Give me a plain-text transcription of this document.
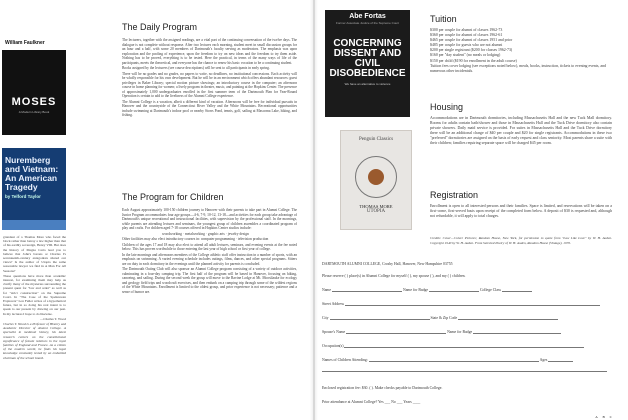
William Faulkner
MOSES
A Modern Library Book
Nuremberg and Vietnam: An American Tragedy
by Telford Taylor

grandeur of a Thomas More who faced the block rather than betray a law higher than that of his earthly sovereign, Henry VIII. But does the history of Magna Carta lead you to believe that John's barons or Charles I's seventeenth-century antagonists shared our views? Is the author of Utopia the same reasonable lawyer we find in A Man For All Seasons?

These questions have more than academic interest, for examining them may help us clarify many of the mysteries surrounding the present quest for "law and order" as well as for "strict construction" on the Supreme Court. In "The Case of the Speluncean Explorers" Lon Fuller writes of a hypothetical future, but in so doing his real intent is to speak to our present by drawing on our past. In my lectures I hope to do likewise.

—Charles T. Wood

Charles T. Wood is a Professor of History and Academic Director of Alumni College. A specialist in medieval history, his latest research centers on the constitutional significance of female relatives in the royal families of England and France. As a citizen of the modern world, he finds his legal knowledge constantly tested by an embattled chairman of the school board.

The Daily Program

The lecturers, together with the assigned readings, are a vital part of the continuing conversation of the twelve days. The dialogue is not complete without response. After two lectures each morning, student meet in small discussion groups for an hour and a half, with some 20 members of Dartmouth's faculty serving as moderators. The emphasis was upon exploration and the pooling of experience, upon the freedom to try on new ideas and the freedom to try them aside. Nothing has to be proved, everything is to be tested. Here the practical, in terms of the many ways of life of the participants, meets the theoretical, and everyone has the chance to renew his basic vocation to be a continuing student.

Books assigned by the lecturers (see course descriptions) will be sent to all participants in early spring.

There will be no grades and no grades, no papers to write, no deadlines, no institutional concessions. Each activity will be wholly responsible for his own development. But he will be in an environment which offers abundant resources: guest privileges in Baker Library; special motion picture showings; an introductory course in the computer; an afternoon course in home planning for women; a lively program in theater, music, and painting at the Hopkins Center. The presence of approximately 1,000 undergraduates enrolled in the first summer term of the Dartmouth Plan for Year-Round Operation is certain to add to the liveliness of the Alumni College experience.

The Alumni College is a vacation, albeit a different kind of vacation. Afternoons will be free for individual pursuits in Hanover and the countryside of the Connecticut River Valley and the White Mountains. Recreational opportunities include swimming at Dartmouth's indoor pool or nearby Storrs Pond, tennis, golf, sailing at Mascoma Lake, hiking, and fishing.

The Program for Children

Each August approximately 100-150 children journey to Hanover with their parents to take part in Alumni College. The Junior Program accommodates four age groups—4-6, 7-9, 10-12, 13-18—and activities for each group take advantage of Dartmouth's unique recreational and instructional facilities, with supervision by the professional staff. In the mornings, while parents are attending lectures and seminars, the youngest group of children assembles a coordinated program of play and crafts. For children aged 7-18 courses offered in Hopkins Center studios include:

woodworking · metalworking · graphic arts · jewelry design

Other facilities may also elect introductory courses in: computer programming · television production

Children of the ages 17 and 18 may also elect to attend all adult lectures, seminars, and evening events at the fee noted below. This has proven worthwhile to those entering the last year of high school or first year of college.

In the late mornings and afternoons members of the College athletic staff offer instruction in a number of sports, with an emphasis on swimming. A varied evening schedule includes outings, films, dances, and other special programs. Sitters are on duty in each dormitory in the evenings until the planned activity for parents is concluded.

The Dartmouth Outing Club will also sponsor an Alumni College program consisting of a variety of outdoor activities, culminating in a four-day camping trip. The first half of the program will be based in Hanover, focusing on hiking, canoeing, and sailing. During the second week the group will move to the Ravine Lodge at Mt. Moosilauke for ecology and geology field trips and woodcraft exercises, and then embark on a camping trip through some of the wildest regions of the White Mountains. Enrollment is limited to the oldest group, and prior experience is not necessary; patience and a sense of humor are.

Abe Fortas
Former Associate Justice of the Supreme Court
CONCERNING DISSENT AND CIVIL DISOBEDIENCE
We have an alternative to violence
Penguin Classics
THOMAS MORE
UTOPIA
Tuition
$300 per couple for alumni of classes 1962-73
$360 per couple for alumni of classes 1962-61
$465 per couple for alumni of classes 1951 and prior
$485 per couple for guests who are not alumni
$200 per single registrant ($200 for classes 1962-73)
$160 per "day student" (no meals or lodging)
$150 per child ($190 for enrollment in the adult course)
Tuition fees cover lodging (see exceptions noted below), meals, books, instruction, tickets to evening events, and numerous other incidentals.
Housing

Accommodations are in Dartmouth dormitories, including Massachusetts Hall and the new Tuck Mall dormitory. Rooms for adults contain bath/shower and those in Massachusetts Hall and the Tuck Drive dormitory also contain private showers. Daily maid service is provided. For suites in Massachusetts Hall and the Tuck Drive dormitory there will be an additional charge of $40 per couple and $20 for single registrants. Accommodations in these two "preferred" dormitories are assigned on the basis of early request and class seniority. Most parents share a suite with their children; families requiring separate space will be charged $45 per room.

Registration

Enrollment is open to all interested persons and their families. Space is limited, and reservations will be taken on a first-come, first-served basis upon receipt of the completed form below. A deposit of $30 is requested and, although not refundable, it will apply to total charges.

Credits: Cover—Culver Pictures; Random House, New York, for permission to quote from "Law Like Love" by W. H. Auden. Copyright 1940 by W. H. Auden. From Selected Poetry of W. H. Auden, Random House (Vintage), 1970.

DARTMOUTH ALUMNI COLLEGE, Crosby Hall, Hanover, New Hampshire 03755
Please reserve ( ) place(s) in Alumni College for myself ( ), my spouse ( ), and my ( ) children.
Name	Name for Badge	College Class
Street Address
City	State & Zip Code
Spouse's Name	Name for Badge
Occupation(s)
Names of Children Attending:	Ages
Enclosed registration fee: $30. ( ). Make checks payable to Dartmouth College.
Prior attendance at Alumni College? Yes ___ No ___ Years ____
A B C
